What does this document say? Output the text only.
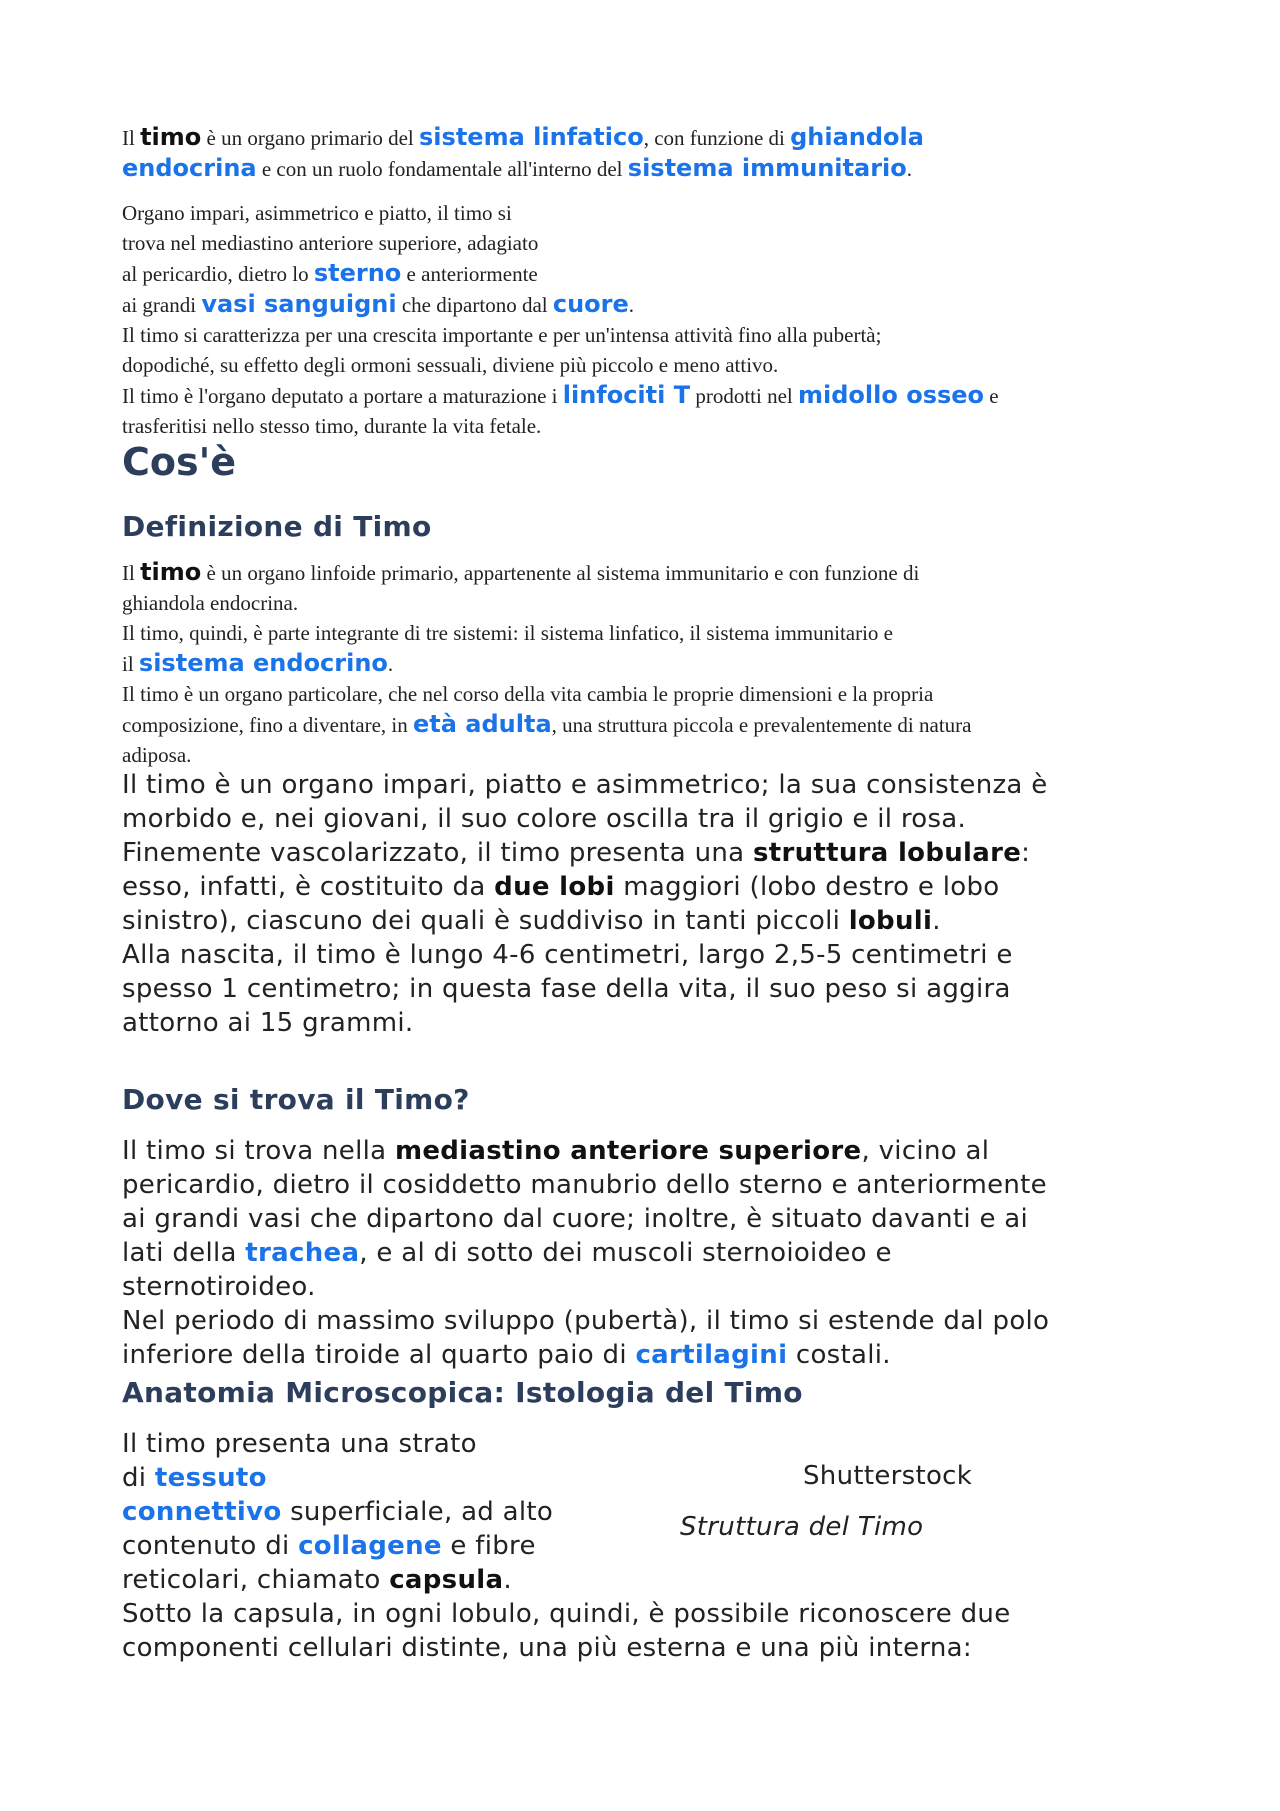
Il timo è un organo primario del sistema linfatico, con funzione di ghiandola
endocrina e con un ruolo fondamentale all'interno del sistema immunitario.

Organo impari, asimmetrico e piatto, il timo si
trova nel mediastino anteriore superiore, adagiato
al pericardio, dietro lo sterno e anteriormente
ai grandi vasi sanguigni che dipartono dal cuore.
Il timo si caratterizza per una crescita importante e per un'intensa attività fino alla pubertà;
dopodiché, su effetto degli ormoni sessuali, diviene più piccolo e meno attivo.
Il timo è l'organo deputato a portare a maturazione i linfociti T prodotti nel midollo osseo e
trasferitisi nello stesso timo, durante la vita fetale.

Cos'è
Definizione di Timo

Il timo è un organo linfoide primario, appartenente al sistema immunitario e con funzione di
ghiandola endocrina.
Il timo, quindi, è parte integrante di tre sistemi: il sistema linfatico, il sistema immunitario e
il sistema endocrino.
Il timo è un organo particolare, che nel corso della vita cambia le proprie dimensioni e la propria
composizione, fino a diventare, in età adulta, una struttura piccola e prevalentemente di natura
adiposa.

Il timo è un organo impari, piatto e asimmetrico; la sua consistenza è
morbido e, nei giovani, il suo colore oscilla tra il grigio e il rosa.
Finemente vascolarizzato, il timo presenta una struttura lobulare:
esso, infatti, è costituito da due lobi maggiori (lobo destro e lobo
sinistro), ciascuno dei quali è suddiviso in tanti piccoli lobuli.
Alla nascita, il timo è lungo 4-6 centimetri, largo 2,5-5 centimetri e
spesso 1 centimetro; in questa fase della vita, il suo peso si aggira
attorno ai 15 grammi.

Dove si trova il Timo?

Il timo si trova nella mediastino anteriore superiore, vicino al
pericardio, dietro il cosiddetto manubrio dello sterno e anteriormente
ai grandi vasi che dipartono dal cuore; inoltre, è situato davanti e ai
lati della trachea, e al di sotto dei muscoli sternoioideo e
sternotiroideo.
Nel periodo di massimo sviluppo (pubertà), il timo si estende dal polo
inferiore della tiroide al quarto paio di cartilagini costali.

Anatomia Microscopica: Istologia del Timo

Il timo presenta una strato
di tessuto
connettivo superficiale, ad alto
contenuto di collagene e fibre
reticolari, chiamato capsula.
Sotto la capsula, in ogni lobulo, quindi, è possibile riconoscere due
componenti cellulari distinte, una più esterna e una più interna:

Shutterstock
Struttura del Timo
